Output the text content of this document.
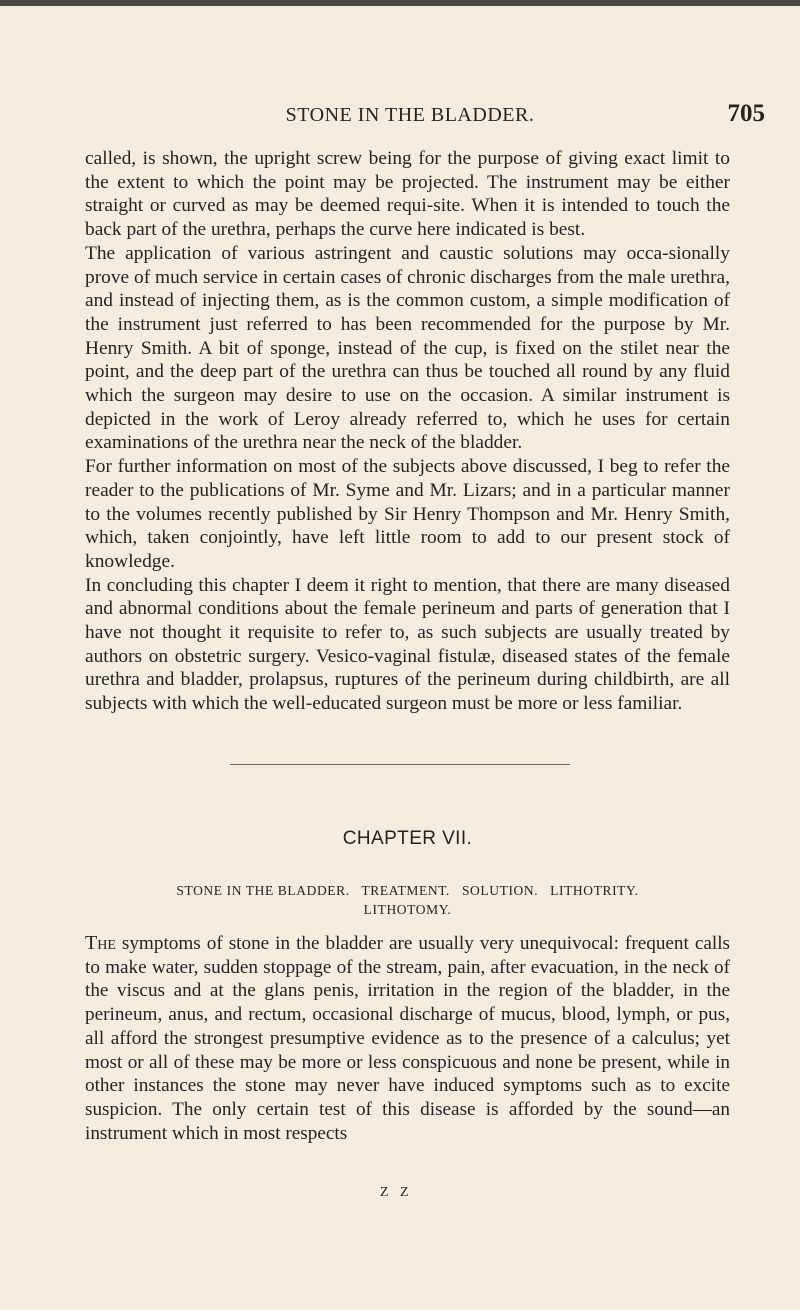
STONE IN THE BLADDER.	705

called, is shown, the upright screw being for the purpose of giving exact limit to the extent to which the point may be projected. The instrument may be either straight or curved as may be deemed requi-site. When it is intended to touch the back part of the urethra, perhaps the curve here indicated is best.

The application of various astringent and caustic solutions may occa-sionally prove of much service in certain cases of chronic discharges from the male urethra, and instead of injecting them, as is the common custom, a simple modification of the instrument just referred to has been recommended for the purpose by Mr. Henry Smith. A bit of sponge, instead of the cup, is fixed on the stilet near the point, and the deep part of the urethra can thus be touched all round by any fluid which the surgeon may desire to use on the occasion. A similar instrument is depicted in the work of Leroy already referred to, which he uses for certain examinations of the urethra near the neck of the bladder.

For further information on most of the subjects above discussed, I beg to refer the reader to the publications of Mr. Syme and Mr. Lizars; and in a particular manner to the volumes recently published by Sir Henry Thompson and Mr. Henry Smith, which, taken conjointly, have left little room to add to our present stock of knowledge.

In concluding this chapter I deem it right to mention, that there are many diseased and abnormal conditions about the female perineum and parts of generation that I have not thought it requisite to refer to, as such subjects are usually treated by authors on obstetric surgery. Vesico-vaginal fistulæ, diseased states of the female urethra and bladder, prolapsus, ruptures of the perineum during childbirth, are all subjects with which the well-educated surgeon must be more or less familiar.

CHAPTER VII.
STONE IN THE BLADDER.   TREATMENT.   SOLUTION.   LITHOTRITY.
LITHOTOMY.

The symptoms of stone in the bladder are usually very unequivocal: frequent calls to make water, sudden stoppage of the stream, pain, after evacuation, in the neck of the viscus and at the glans penis, irritation in the region of the bladder, in the perineum, anus, and rectum, occasional discharge of mucus, blood, lymph, or pus, all afford the strongest presumptive evidence as to the presence of a calculus; yet most or all of these may be more or less conspicuous and none be present, while in other instances the stone may never have induced symptoms such as to excite suspicion. The only certain test of this disease is afforded by the sound—an instrument which in most respects

Z Z
